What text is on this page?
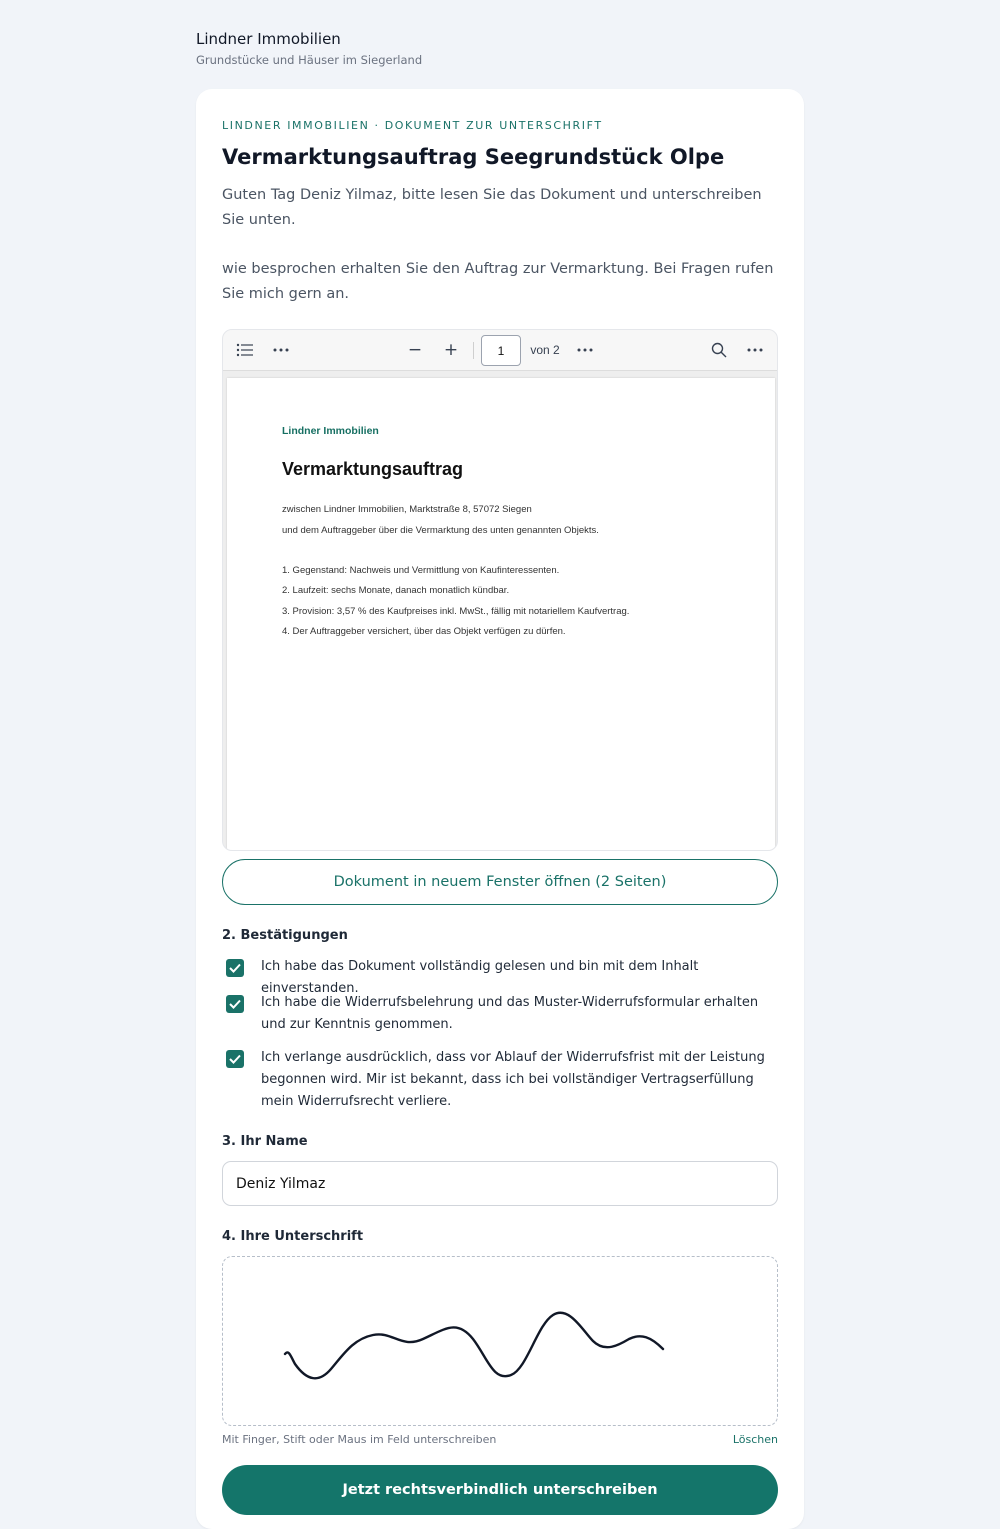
Lindner Immobilien
Grundstücke und Häuser im Siegerland
LINDNER IMMOBILIEN · DOKUMENT ZUR UNTERSCHRIFT
Vermarktungsauftrag Seegrundstück Olpe
Guten Tag Deniz Yilmaz, bitte lesen Sie das Dokument und unterschreiben Sie unten.
wie besprochen erhalten Sie den Auftrag zur Vermarktung. Bei Fragen rufen Sie mich gern an.
−	+	1	von 2
Lindner Immobilien
Vermarktungsauftrag
zwischen Lindner Immobilien, Marktstraße 8, 57072 Siegen
und dem Auftraggeber über die Vermarktung des unten genannten Objekts.
1. Gegenstand: Nachweis und Vermittlung von Kaufinteressenten.
2. Laufzeit: sechs Monate, danach monatlich kündbar.
3. Provision: 3,57 % des Kaufpreises inkl. MwSt., fällig mit notariellem Kaufvertrag.
4. Der Auftraggeber versichert, über das Objekt verfügen zu dürfen.
Dokument in neuem Fenster öffnen (2 Seiten)
2. Bestätigungen
Ich habe das Dokument vollständig gelesen und bin mit dem Inhalt einverstanden.
Ich habe die Widerrufsbelehrung und das Muster-Widerrufsformular erhalten und zur Kenntnis genommen.
Ich verlange ausdrücklich, dass vor Ablauf der Widerrufsfrist mit der Leistung begonnen wird. Mir ist bekannt, dass ich bei vollständiger Vertragserfüllung mein Widerrufsrecht verliere.
3. Ihr Name
Deniz Yilmaz
4. Ihre Unterschrift
Mit Finger, Stift oder Maus im Feld unterschreiben	Löschen
Jetzt rechtsverbindlich unterschreiben
